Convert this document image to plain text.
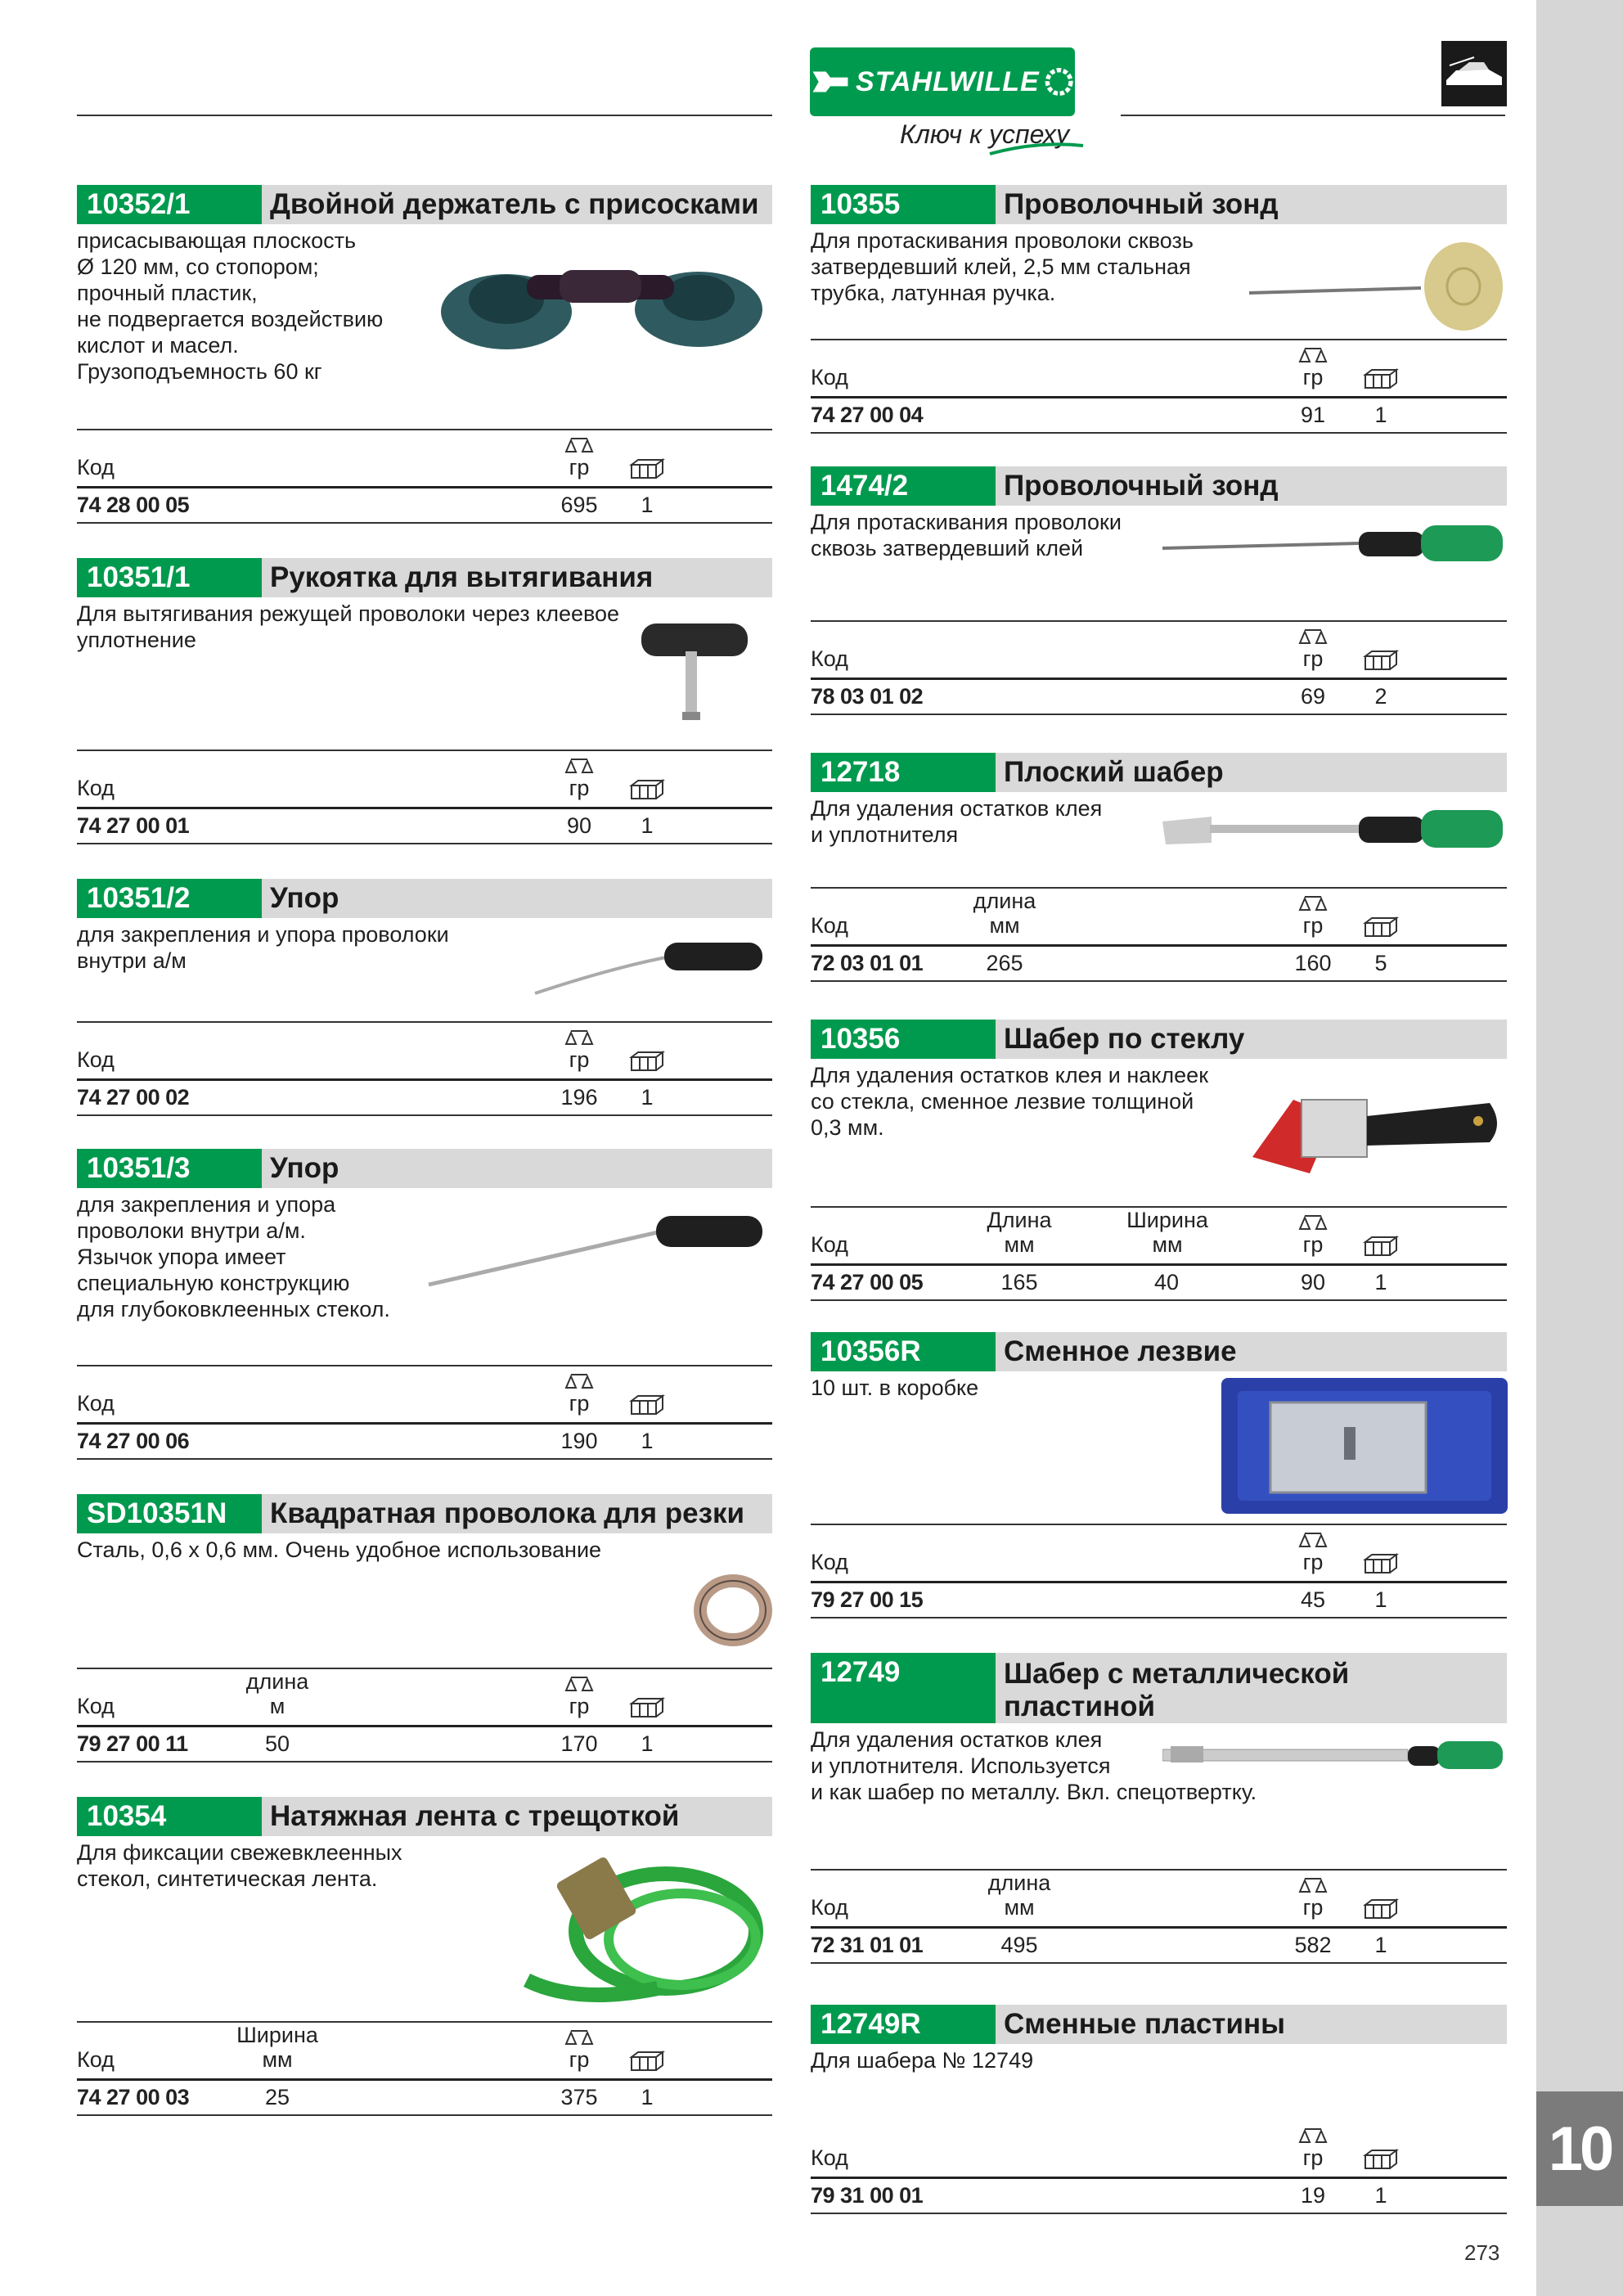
10
STAHLWILLE
Ключ к успеху
10352/1	Двойной держатель с присосками
присасывающая плоскость
Ø 120 мм, со стопором;
прочный пластик,
не подвергается воздействию
кислот и масел.
Грузоподъемность 60 кг
Код	гр
74 28 00 05	695	1
10351/1	Рукоятка для вытягивания
Для вытягивания режущей проволоки через клеевое
уплотнение
Код	гр
74 27 00 01	90	1
10351/2	Упор
для закрепления и упора проволоки
внутри а/м
Код	гр
74 27 00 02	196	1
10351/3	Упор
для закрепления и упора
проволоки внутри а/м.
Язычок упора имеет
специальную конструкцию
для глубоковклеенных стекол.
Код	гр
74 27 00 06	190	1
SD10351N	Квадратная проволока для резки
Сталь, 0,6 x 0,6 мм. Очень удобное использование
Код
длина
м	гр
79 27 00 11	50	170	1
10354	Натяжная лента с трещоткой
Для фиксации свежевклеенных
стекол, синтетическая лента.
Код
Ширина
мм	гр
74 27 00 03	25	375	1
10355	Проволочный зонд
Для протаскивания проволоки сквозь
затвердевший клей, 2,5 мм стальная
трубка, латунная ручка.
Код	гр
74 27 00 04	91	1
1474/2	Проволочный зонд
Для протаскивания проволоки
сквозь затвердевший клей
Код	гр
78 03 01 02	69	2
12718	Плоский шабер
Для удаления остатков клея
и уплотнителя
Код
длина
мм	гр
72 03 01 01	265	160	5
10356	Шабер по стеклу
Для удаления остатков клея и наклеек
со стекла, сменное лезвие толщиной
0,3 мм.
Код
Длина
мм
Ширина
мм	гр
74 27 00 05	165	40	90	1
10356R	Сменное лезвие
10 шт. в коробке
Код	гр
79 27 00 15	45	1
12749	Шабер с металлической
пластиной
Для удаления остатков клея
и уплотнителя. Используется
и как шабер по металлу. Вкл. спецотвертку.
Код
длина
мм	гр
72 31 01 01	495	582	1
12749R	Сменные пластины
Для шабера № 12749
Код	гр
79 31 00 01	19	1
273
